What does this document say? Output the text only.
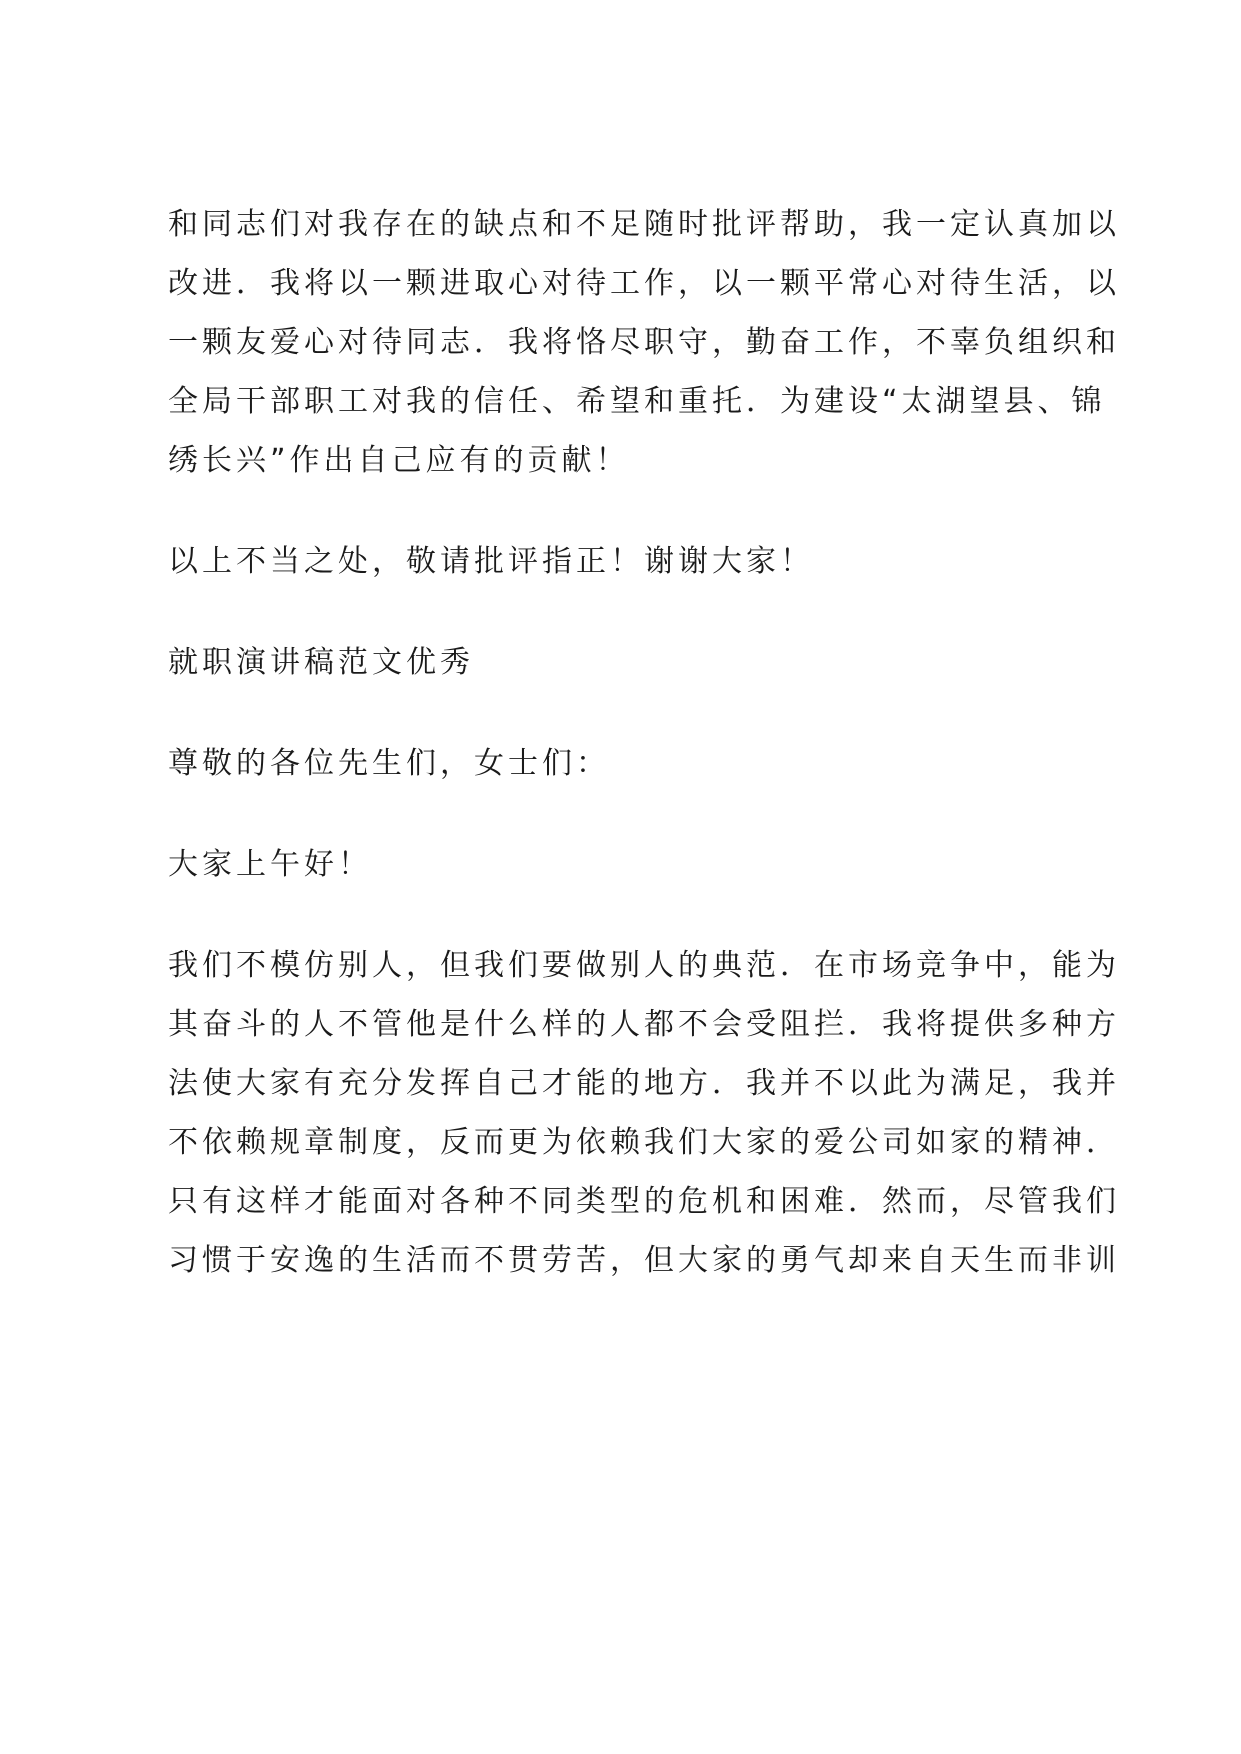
和同志们对我存在的缺点和不足随时批评帮助，我一定认真加以

改进．我将以一颗进取心对待工作，以一颗平常心对待生活，以

一颗友爱心对待同志．我将恪尽职守，勤奋工作，不辜负组织和

全局干部职工对我的信任、希望和重托．为建设“太湖望县、锦

绣长兴”作出自己应有的贡献！

以上不当之处，敬请批评指正！谢谢大家！

就职演讲稿范文优秀

尊敬的各位先生们，女士们：

大家上午好！

我们不模仿别人，但我们要做别人的典范．在市场竞争中，能为

其奋斗的人不管他是什么样的人都不会受阻拦．我将提供多种方

法使大家有充分发挥自己才能的地方．我并不以此为满足，我并

不依赖规章制度，反而更为依赖我们大家的爱公司如家的精神．

只有这样才能面对各种不同类型的危机和困难．然而，尽管我们

习惯于安逸的生活而不贯劳苦，但大家的勇气却来自天生而非训
